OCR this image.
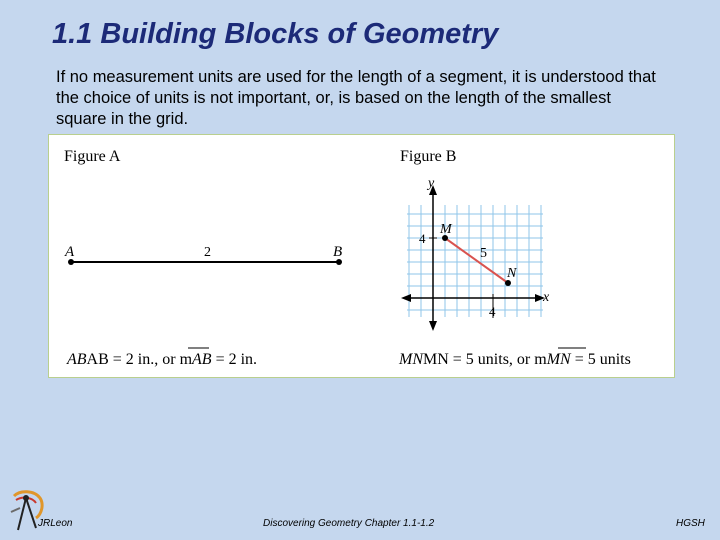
1.1 Building Blocks of Geometry
If no measurement units are used for the length of a segment, it is understood that the choice of units is not important, or, is based on the length of the smallest square in the grid.
Figure A
A	B
2
ABAB = 2 in., or mAB = 2 in.
Figure B
y
x
4
4
M
N
5
MNMN = 5 units, or mMN = 5 units
JRLeon	Discovering Geometry Chapter 1.1-1.2	HGSH
